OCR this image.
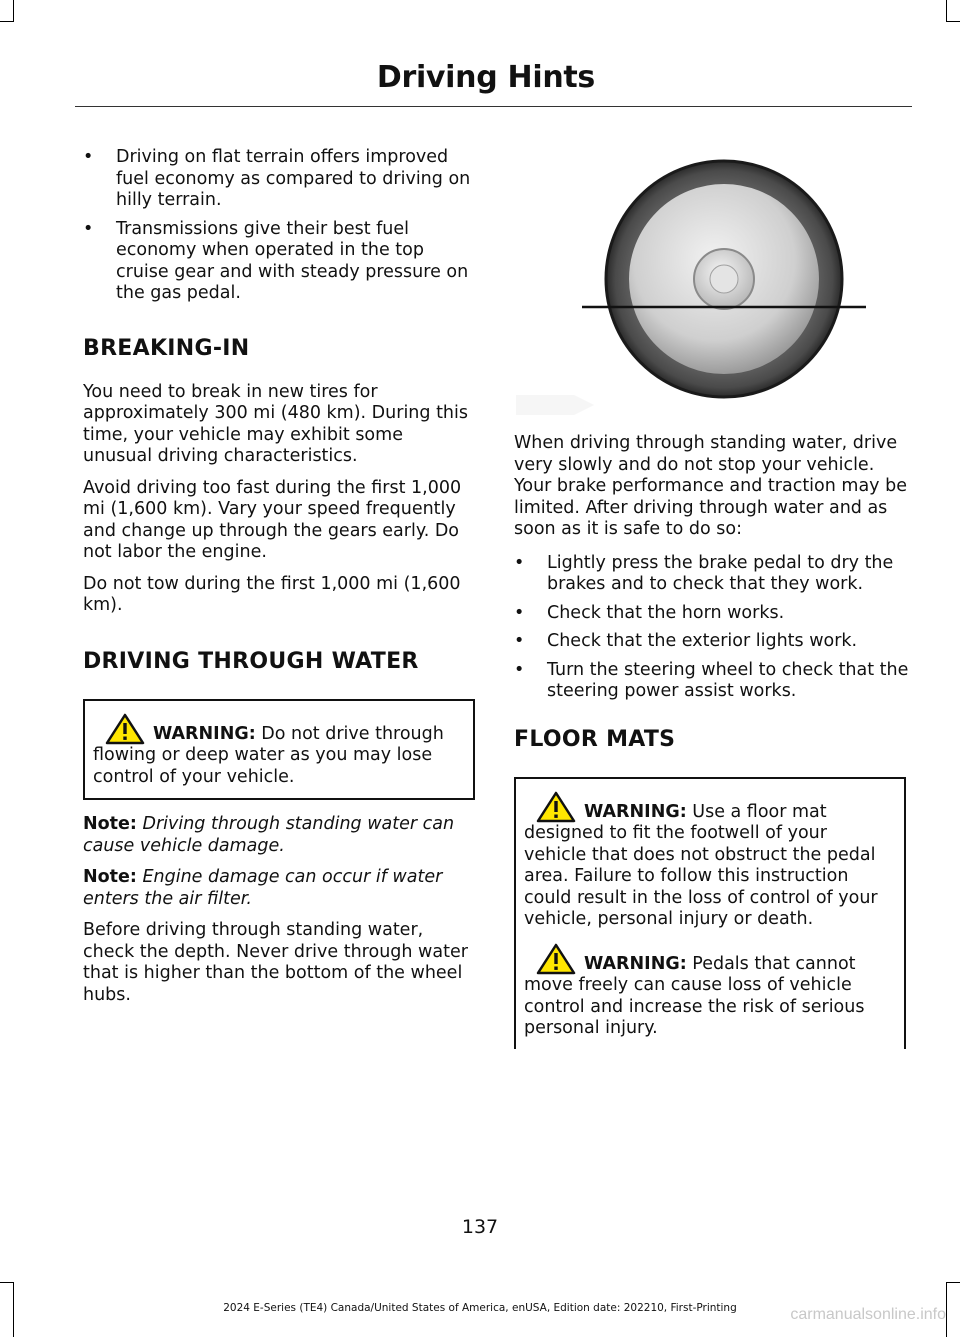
Driving Hints
• Driving on flat terrain offers improved fuel economy as compared to driving on hilly terrain.
• Transmissions give their best fuel economy when operated in the top cruise gear and with steady pressure on the gas pedal.
BREAKING-IN

You need to break in new tires for approximately 300 mi (480 km). During this time, your vehicle may exhibit some unusual driving characteristics.

Avoid driving too fast during the first 1,000 mi (1,600 km). Vary your speed frequently and change up through the gears early. Do not labor the engine.

Do not tow during the first 1,000 mi (1,600 km).

DRIVING THROUGH WATER

WARNING: Do not drive through flowing or deep water as you may lose control of your vehicle.

Note: Driving through standing water can cause vehicle damage.

Note: Engine damage can occur if water enters the air filter.

Before driving through standing water, check the depth. Never drive through water that is higher than the bottom of the wheel hubs.

When driving through standing water, drive very slowly and do not stop your vehicle. Your brake performance and traction may be limited. After driving through water and as soon as it is safe to do so:

• Lightly press the brake pedal to dry the brakes and to check that they work.
• Check that the horn works.
• Check that the exterior lights work.
• Turn the steering wheel to check that the steering power assist works.
FLOOR MATS

WARNING: Use a floor mat designed to fit the footwell of your vehicle that does not obstruct the pedal area. Failure to follow this instruction could result in the loss of control of your vehicle, personal injury or death.

WARNING: Pedals that cannot move freely can cause loss of vehicle control and increase the risk of serious personal injury.

137
2024 E-Series (TE4) Canada/United States of America, enUSA, Edition date: 202210, First-Printing	carmanualsonline.info
